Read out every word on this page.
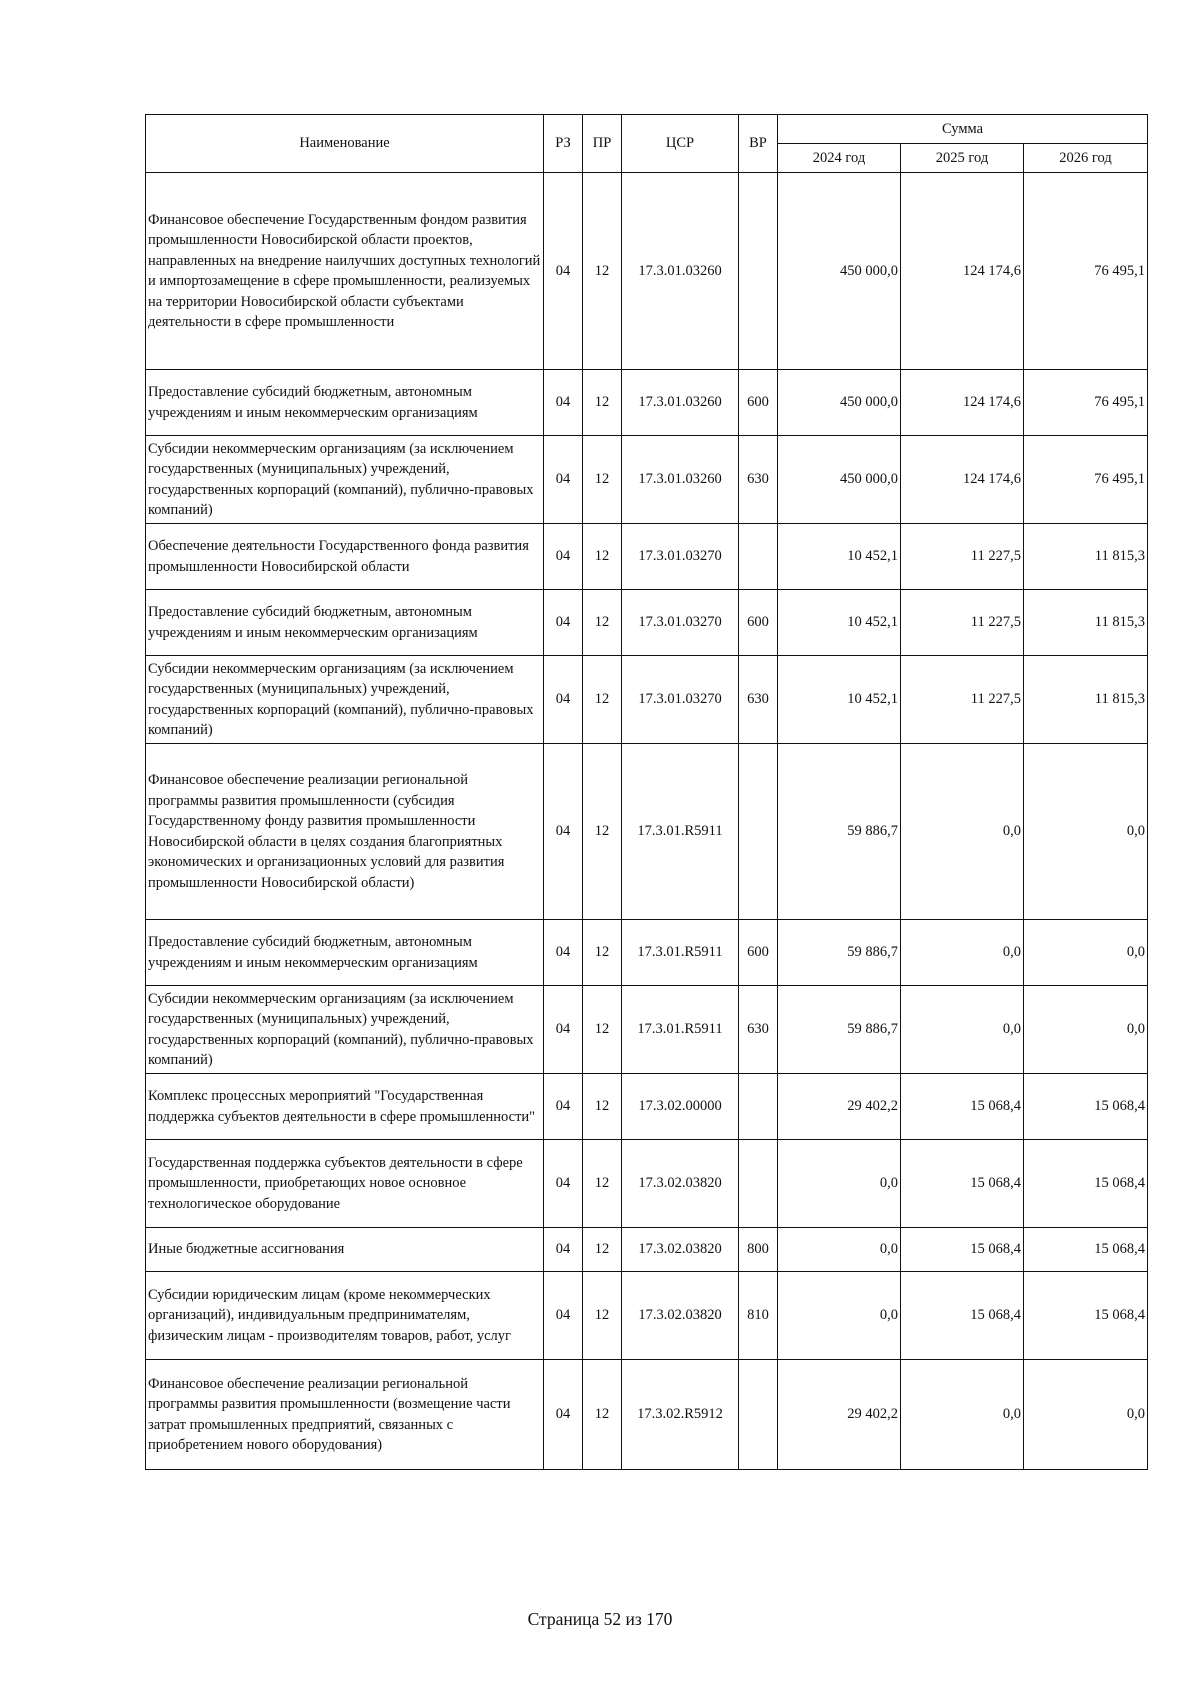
Наименование	РЗ	ПР	ЦСР	ВР	Сумма		
					2024 год	2025 год	2026 год
Финансовое обеспечение Государственным фондом развития промышленности Новосибирской области проектов, направленных на внедрение наилучших доступных технологий и импортозамещение в сфере промышленности, реализуемых на территории Новосибирской области субъектами деятельности в сфере промышленности	04	12	17.3.01.03260		450 000,0	124 174,6	76 495,1
Предоставление субсидий бюджетным, автономным учреждениям и иным некоммерческим организациям	04	12	17.3.01.03260	600	450 000,0	124 174,6	76 495,1
Субсидии некоммерческим организациям (за исключением государственных (муниципальных) учреждений, государственных корпораций (компаний), публично-правовых компаний)	04	12	17.3.01.03260	630	450 000,0	124 174,6	76 495,1
Обеспечение деятельности Государственного фонда развития промышленности Новосибирской области	04	12	17.3.01.03270		10 452,1	11 227,5	11 815,3
Предоставление субсидий бюджетным, автономным учреждениям и иным некоммерческим организациям	04	12	17.3.01.03270	600	10 452,1	11 227,5	11 815,3
Субсидии некоммерческим организациям (за исключением государственных (муниципальных) учреждений, государственных корпораций (компаний), публично-правовых компаний)	04	12	17.3.01.03270	630	10 452,1	11 227,5	11 815,3
Финансовое обеспечение реализации региональной программы развития промышленности (субсидия Государственному фонду развития промышленности Новосибирской области в целях создания благоприятных экономических и организационных условий для развития промышленности Новосибирской области)	04	12	17.3.01.R5911		59 886,7	0,0	0,0
Предоставление субсидий бюджетным, автономным учреждениям и иным некоммерческим организациям	04	12	17.3.01.R5911	600	59 886,7	0,0	0,0
Субсидии некоммерческим организациям (за исключением государственных (муниципальных) учреждений, государственных корпораций (компаний), публично-правовых компаний)	04	12	17.3.01.R5911	630	59 886,7	0,0	0,0
Комплекс процессных мероприятий "Государственная поддержка субъектов деятельности в сфере промышленности"	04	12	17.3.02.00000		29 402,2	15 068,4	15 068,4
Государственная поддержка субъектов деятельности в сфере промышленности, приобретающих новое основное технологическое оборудование	04	12	17.3.02.03820		0,0	15 068,4	15 068,4
Иные бюджетные ассигнования	04	12	17.3.02.03820	800	0,0	15 068,4	15 068,4
Субсидии юридическим лицам (кроме некоммерческих организаций), индивидуальным предпринимателям, физическим лицам - производителям товаров, работ, услуг	04	12	17.3.02.03820	810	0,0	15 068,4	15 068,4
Финансовое обеспечение реализации региональной программы развития промышленности (возмещение части затрат промышленных предприятий, связанных с приобретением нового оборудования)	04	12	17.3.02.R5912		29 402,2	0,0	0,0
Страница 52 из 170
